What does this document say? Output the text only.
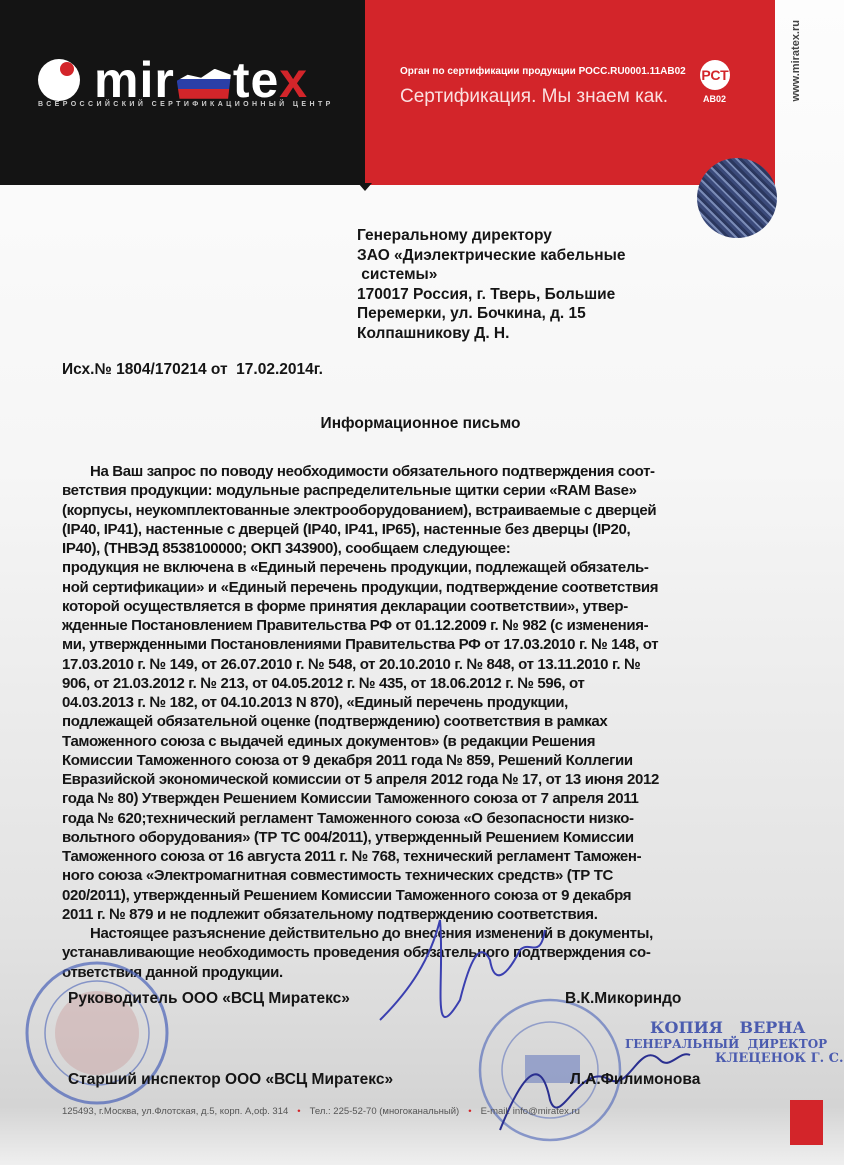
mir tex
ВСЕРОССИЙСКИЙ СЕРТИФИКАЦИОННЫЙ ЦЕНТР
Орган по сертификации продукции РОСС.RU0001.11АВ02
Сертификация. Мы знаем как.
РСТ
АВ02	www.miratex.ru
Генеральному директору
ЗАО «Диэлектрические кабельные
системы»
170017 Россия, г. Тверь, Большие
Перемерки, ул. Бочкина, д. 15
Колпашникову Д. Н.
Исх.№ 1804/170214 от  17.02.2014г.
Информационное письмо
На Ваш запрос по поводу необходимости обязательного подтверждения соот-
ветствия продукции: модульные распределительные щитки серии «RAM Base»
(корпусы, неукомплектованные электрооборудованием), встраиваемые с дверцей
(IP40, IP41), настенные с дверцей (IP40, IP41, IP65), настенные без дверцы (IP20,
IP40), (ТНВЭД 8538100000; ОКП 343900), сообщаем следующее:
продукция не включена в «Единый перечень продукции, подлежащей обязатель-
ной сертификации» и «Единый перечень продукции, подтверждение соответствия
которой осуществляется в форме принятия декларации соответствии», утвер-
жденные Постановлением Правительства РФ от 01.12.2009 г. № 982 (с изменения-
ми, утвержденными Постановлениями Правительства РФ от 17.03.2010 г. № 148, от
17.03.2010 г. № 149, от 26.07.2010 г. № 548, от 20.10.2010 г. № 848, от 13.11.2010 г. №
906, от 21.03.2012 г. № 213, от 04.05.2012 г. № 435, от 18.06.2012 г. № 596, от
04.03.2013 г. № 182, от 04.10.2013 N 870), «Единый перечень продукции,
подлежащей обязательной оценке (подтверждению) соответствия в рамках
Таможенного союза с выдачей единых документов» (в редакции Решения
Комиссии Таможенного союза от 9 декабря 2011 года № 859, Решений Коллегии
Евразийской экономической комиссии от 5 апреля 2012 года № 17, от 13 июня 2012
года № 80) Утвержден Решением Комиссии Таможенного союза от 7 апреля 2011
года № 620;технический регламент Таможенного союза «О безопасности низко-
вольтного оборудования» (ТР ТС 004/2011), утвержденный Решением Комиссии
Таможенного союза от 16 августа 2011 г. № 768, технический регламент Таможен-
ного союза «Электромагнитная совместимость технических средств» (ТР ТС
020/2011), утвержденный Решением Комиссии Таможенного союза от 9 декабря
2011 г. № 879 и не подлежит обязательному подтверждению соответствия.
Настоящее разъяснение действительно до внесения изменений в документы,
устанавливающие необходимость проведения обязательного подтверждения со-
ответствия данной продукции.
Руководитель ООО «ВСЦ Миратекс»	В.К.Микориндо
Старший инспектор ООО «ВСЦ Миратекс»	Л.А.Филимонова
КОПИЯ   ВЕРНА
ГЕНЕРАЛЬНЫЙ  ДИРЕКТОР
КЛЕЦЕНОК Г. С.
125493, г.Москва, ул.Флотская, д.5, корп. А,оф. 314 • Тел.: 225-52-70 (многоканальный) • E-mail: info@miratex.ru
